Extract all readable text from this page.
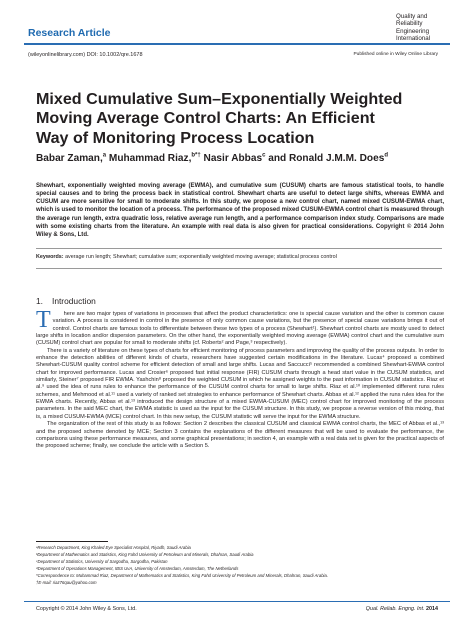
Research Article
Quality and
Reliability
Engineering
International
(wileyonlinelibrary.com) DOI: 10.1002/qre.1678	Published online in Wiley Online Library
Mixed Cumulative Sum–Exponentially Weighted
Moving Average Control Charts: An Efficient
Way of Monitoring Process Location
Babar Zaman,$^a$ Muhammad Riaz,$^{b*\dagger}$ Nasir Abbas$^c$ and Ronald J.M.M. Does$^d$
Shewhart, exponentially weighted moving average (EWMA), and cumulative sum (CUSUM) charts are famous statistical tools, to handle special causes and to bring the process back in statistical control. Shewhart charts are useful to detect large shifts, whereas EWMA and CUSUM are more sensitive for small to moderate shifts. In this study, we propose a new control chart, named mixed CUSUM-EWMA chart, which is used to monitor the location of a process. The performance of the proposed mixed CUSUM-EWMA control chart is measured through the average run length, extra quadratic loss, relative average run length, and a performance comparison index study. Comparisons are made with some existing charts from the literature. An example with real data is also given for practical considerations. Copyright © 2014 John Wiley & Sons, Ltd.
Keywords: average run length; Shewhart; cumulative sum; exponentially weighted moving average; statistical process control
1. Introduction

T here are two major types of variations in processes that affect the product characteristics: one is special cause variation and the other is common cause variation. A process is considered in control in the presence of only common cause variations, but the presence of special cause variations brings it out of control. Control charts are famous tools to differentiate between these two types of a process (Shewhart¹). Shewhart control charts are mostly used to detect large shifts in location and/or dispersion parameters. On the other hand, the exponentially weighted moving average (EWMA) control chart and the cumulative sum (CUSUM) control chart are popular for small to moderate shifts (cf. Roberts² and Page,³ respectively).

There is a variety of literature on these types of charts for efficient monitoring of process parameters and improving the quality of the process outputs. In order to enhance the detection abilities of different kinds of charts, researchers have suggested certain modifications in the literature. Lucas⁴ proposed a combined Shewhart-CUSUM quality control scheme for efficient detection of small and large shifts. Lucas and Saccucci⁵ recommended a combined Shewhart-EWMA control chart for improved performance. Lucas and Crosier⁶ proposed fast initial response (FIR) CUSUM charts through a head start value in the CUSUM statistics, and similarly, Steiner⁷ proposed FIR EWMA. Yashchin⁸ proposed the weighted CUSUM in which he assigned weights to the past information in CUSUM statistics. Riaz et al.⁹ used the idea of runs rules to enhance the performance of the CUSUM control charts for small to large shifts. Riaz et al.¹⁰ implemented different runs rules schemes, and Mehmood et al.¹¹ used a variety of ranked set strategies to enhance performance of Shewhart charts. Abbas et al.¹² applied the runs rules idea for the EWMA charts. Recently, Abbas et al.¹³ introduced the design structure of a mixed EWMA-CUSUM (MEC) control chart for improved monitoring of the process parameters. In the said MEC chart, the EWMA statistic is used as the input for the CUSUM structure. In this study, we propose a reverse version of this mixing, that is, a mixed CUSUM-EWMA (MCE) control chart. In this new setup, the CUSUM statistic will serve the input for the EWMA structure.

The organization of the rest of this study is as follows: Section 2 describes the classical CUSUM and classical EWMA control charts, the MEC of Abbas et al.,¹³ and the proposed scheme denoted by MCE; Section 3 contains the explanations of the different measures that will be used to evaluate the performance, the comparisons using these performance measures, and some graphical presentations; in section 4, an example with a real data set is given for the practical aspects of the proposed scheme; finally, we conclude the article with a Section 5.

ᵃResearch Department, King Khaled Eye Specialist Hospital, Riyadh, Saudi Arabia
ᵇDepartment of Mathematics and Statistics, King Fahd University of Petroleum and Minerals, Dhahran, Saudi Arabia
ᶜDepartment of Statistics, University of Sargodha, Sargodha, Pakistan
ᵈDepartment of Operations Management, IBIS UvA, University of Amsterdam, Amsterdam, The Netherlands
*Correspondence to: Muhammad Riaz, Department of Mathematics and Statistics, King Fahd University of Petroleum and Minerals, Dhahran, Saudi Arabia.
†E-mail: riaz76qau@yahoo.com
Copyright © 2014 John Wiley & Sons, Ltd.	Qual. Reliab. Engng. Int. 2014
